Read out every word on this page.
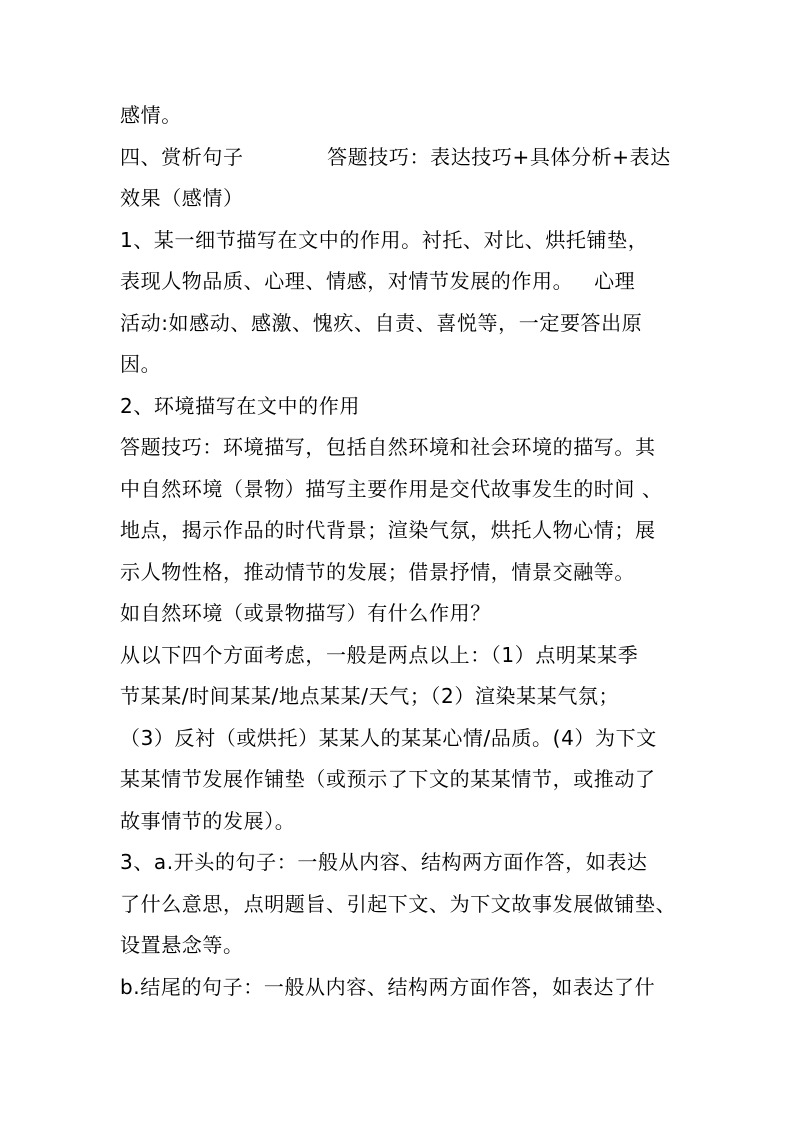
感情。
四、赏析句子            答题技巧：表达技巧+具体分析+表达
效果（感情）
1、某一细节描写在文中的作用。衬托、对比、烘托铺垫，
表现人物品质、心理、情感，对情节发展的作用。   心理
活动:如感动、感激、愧疚、自责、喜悦等，一定要答出原
因。
2、环境描写在文中的作用
答题技巧：环境描写，包括自然环境和社会环境的描写。其
中自然环境（景物）描写主要作用是交代故事发生的时间 、
地点，揭示作品的时代背景；渲染气氛，烘托人物心情；展
示人物性格，推动情节的发展；借景抒情，情景交融等。
如自然环境（或景物描写）有什么作用？
从以下四个方面考虑，一般是两点以上：（1）点明某某季
节某某/时间某某/地点某某/天气；（2）渲染某某气氛；
（3）反衬（或烘托）某某人的某某心情/品质。(4）为下文
某某情节发展作铺垫（或预示了下文的某某情节，或推动了
故事情节的发展）。
3、a.开头的句子：一般从内容、结构两方面作答，如表达
了什么意思，点明题旨、引起下文、为下文故事发展做铺垫、
设置悬念等。
b.结尾的句子：一般从内容、结构两方面作答，如表达了什
